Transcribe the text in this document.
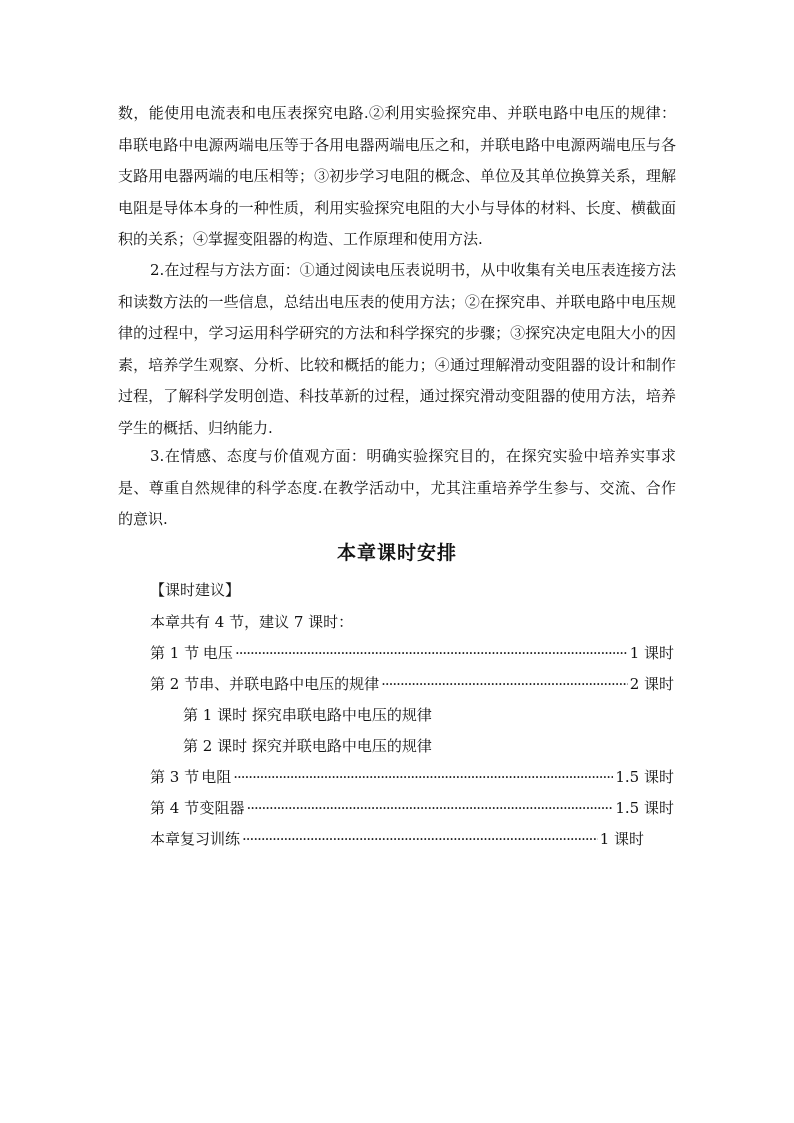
数，能使用电流表和电压表探究电路.②利用实验探究串、并联电路中电压的规律：串联电路中电源两端电压等于各用电器两端电压之和，并联电路中电源两端电压与各支路用电器两端的电压相等；③初步学习电阻的概念、单位及其单位换算关系，理解电阻是导体本身的一种性质，利用实验探究电阻的大小与导体的材料、长度、横截面积的关系；④掌握变阻器的构造、工作原理和使用方法.

2.在过程与方法方面：①通过阅读电压表说明书，从中收集有关电压表连接方法和读数方法的一些信息，总结出电压表的使用方法；②在探究串、并联电路中电压规律的过程中，学习运用科学研究的方法和科学探究的步骤；③探究决定电阻大小的因素，培养学生观察、分析、比较和概括的能力；④通过理解滑动变阻器的设计和制作过程，了解科学发明创造、科技革新的过程，通过探究滑动变阻器的使用方法，培养学生的概括、归纳能力.

3.在情感、态度与价值观方面：明确实验探究目的，在探究实验中培养实事求是、尊重自然规律的科学态度.在教学活动中，尤其注重培养学生参与、交流、合作的意识.

本章课时安排
【课时建议】
本章共有 4 节，建议 7 课时：
第 1 节 电压 ·····	1 课时
第 2 节 串、并联电路中电压的规律 ·····	2 课时
第 1 课时 探究串联电路中电压的规律
第 2 课时 探究并联电路中电压的规律
第 3 节 电阻 ·····	1.5 课时
第 4 节 变阻器 ·····	1.5 课时
本章复习训练 ·····	1 课时
